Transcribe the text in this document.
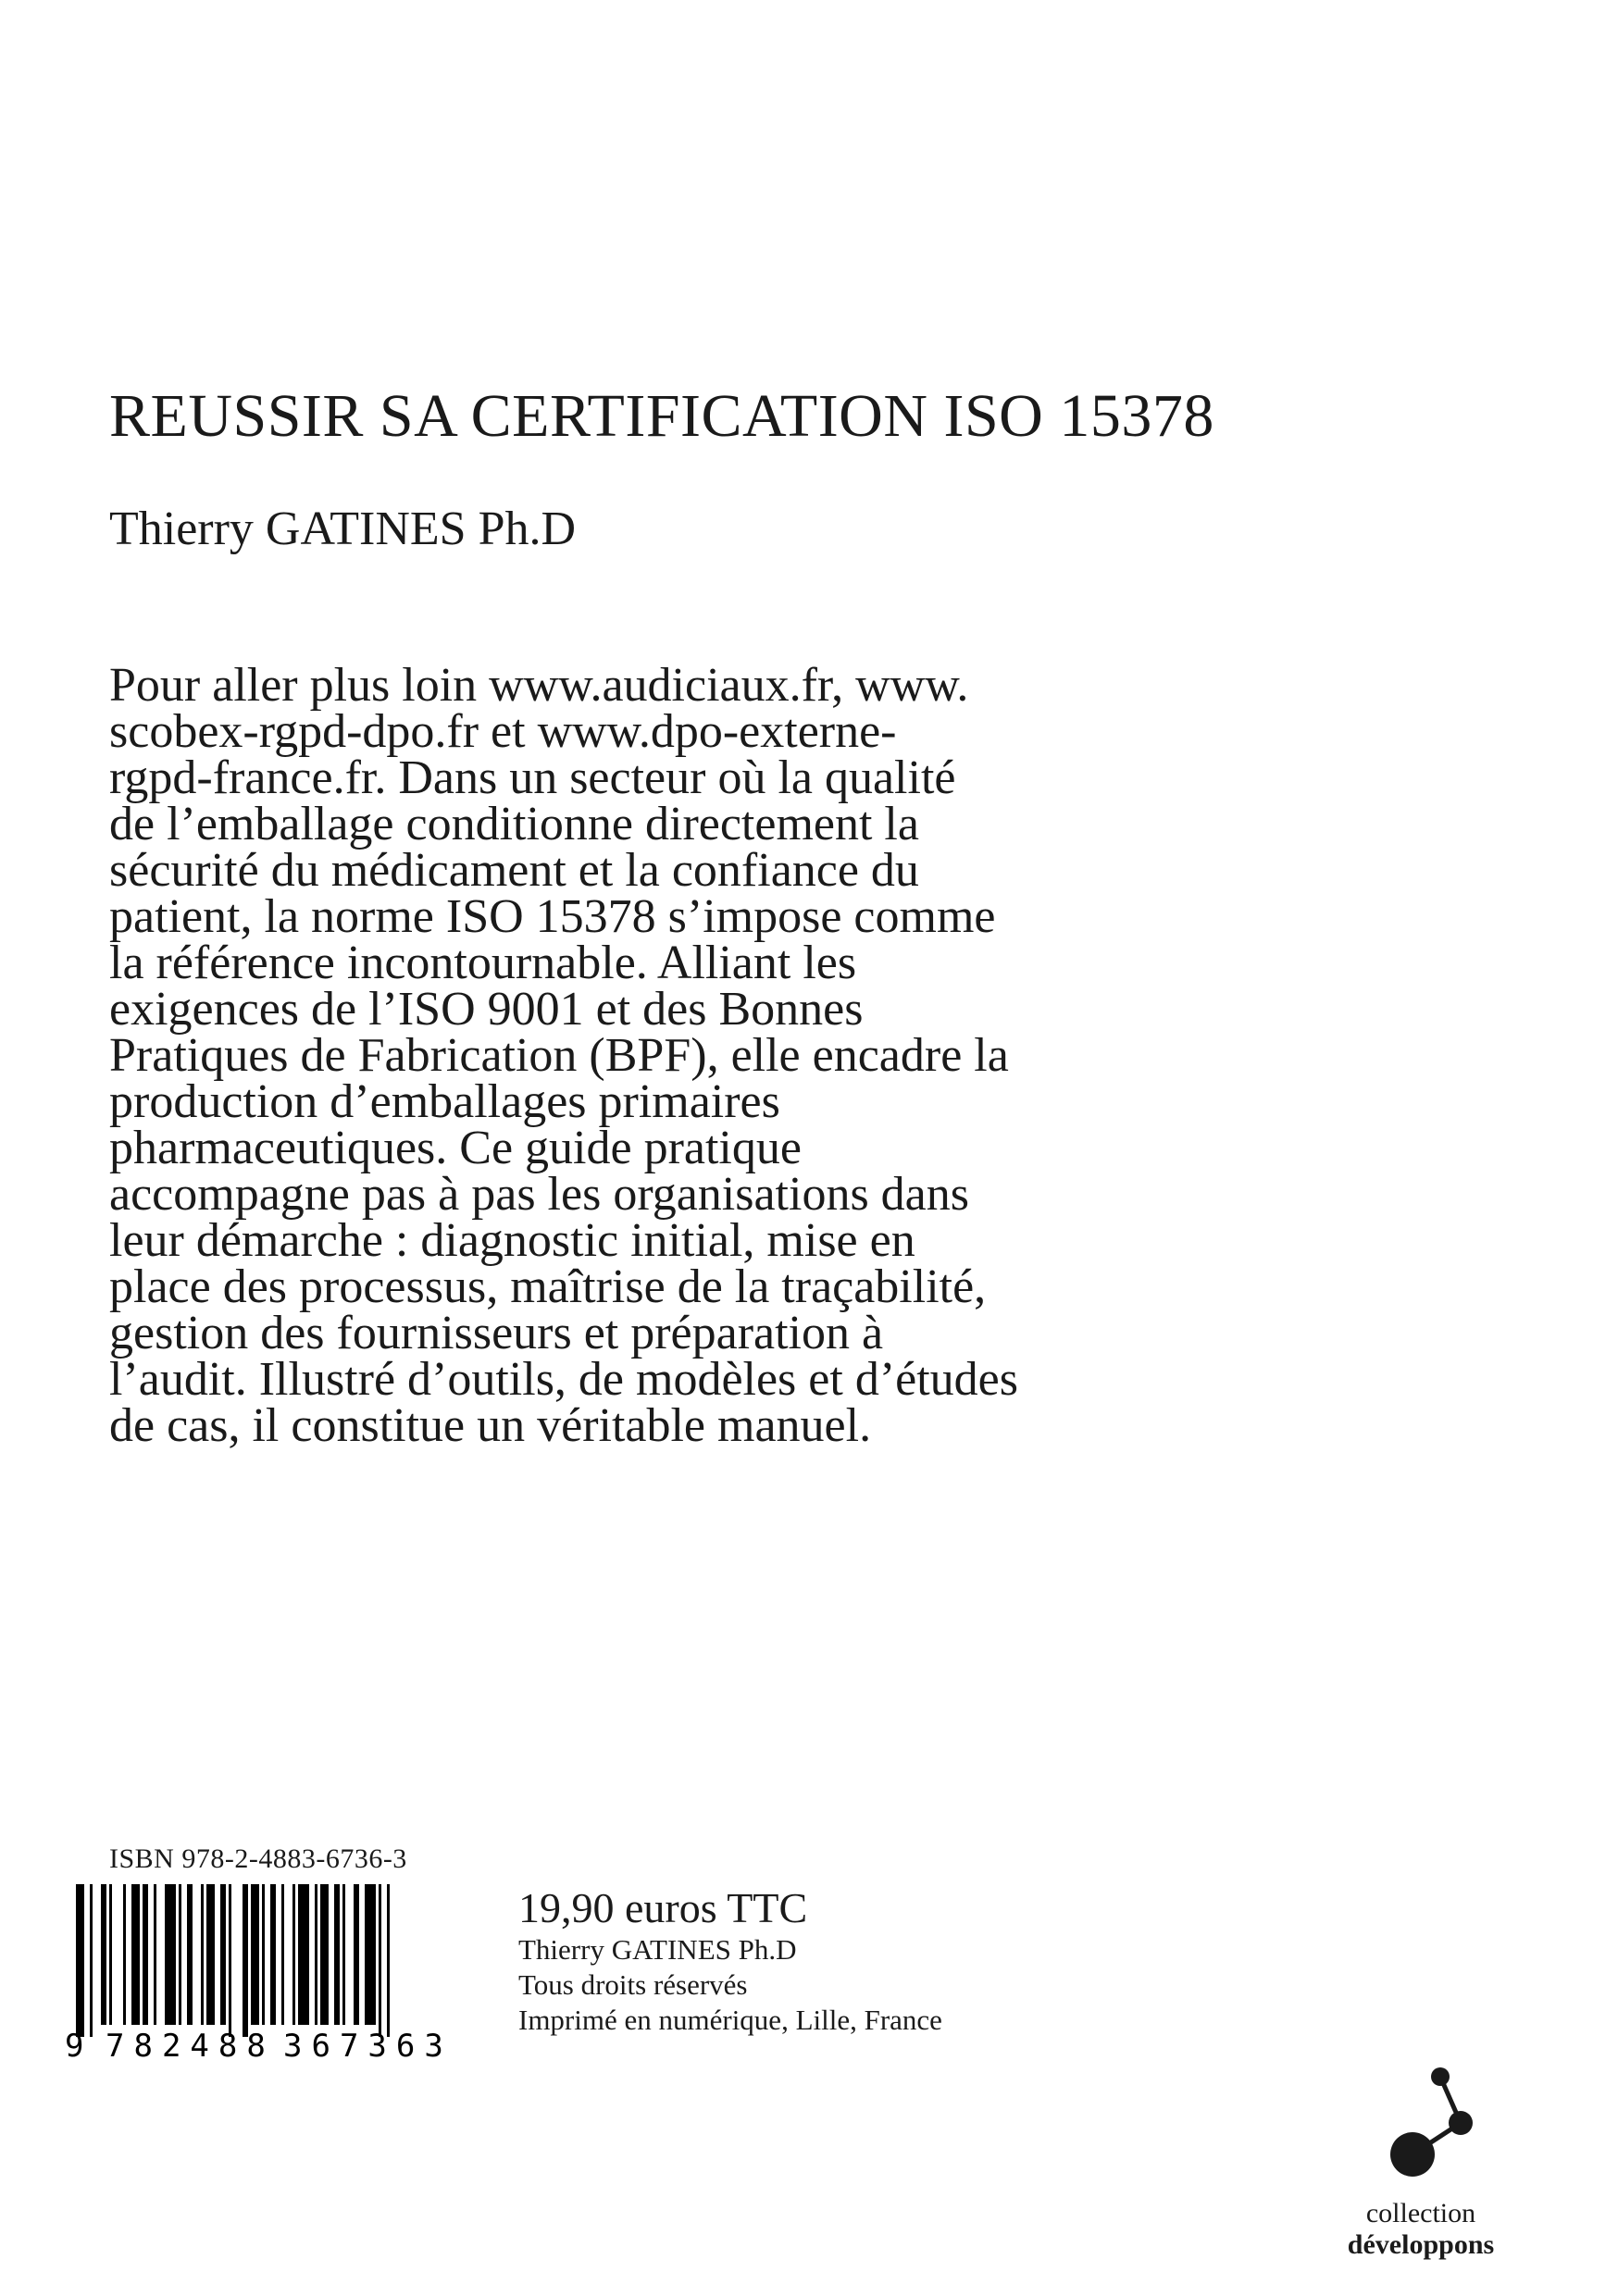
REUSSIR SA CERTIFICATION ISO 15378
Thierry GATINES Ph.D
Pour aller plus loin www.audiciaux.fr, www.
scobex-rgpd-dpo.fr et www.dpo-externe-
rgpd-france.fr. Dans un secteur où la qualité
de l’emballage conditionne directement la
sécurité du médicament et la confiance du
patient, la norme ISO 15378 s’impose comme
la référence incontournable. Alliant les
exigences de l’ISO 9001 et des Bonnes
Pratiques de Fabrication (BPF), elle encadre la
production d’emballages primaires
pharmaceutiques. Ce guide pratique
accompagne pas à pas les organisations dans
leur démarche : diagnostic initial, mise en
place des processus, maîtrise de la traçabilité,
gestion des fournisseurs et préparation à
l’audit. Illustré d’outils, de modèles et d’études
de cas, il constitue un véritable manuel.
ISBN 978-2-4883-6736-3
9 782488 367363
19,90 euros TTC
Thierry GATINES Ph.D
Tous droits réservés
Imprimé en numérique, Lille, France
collection
développons
